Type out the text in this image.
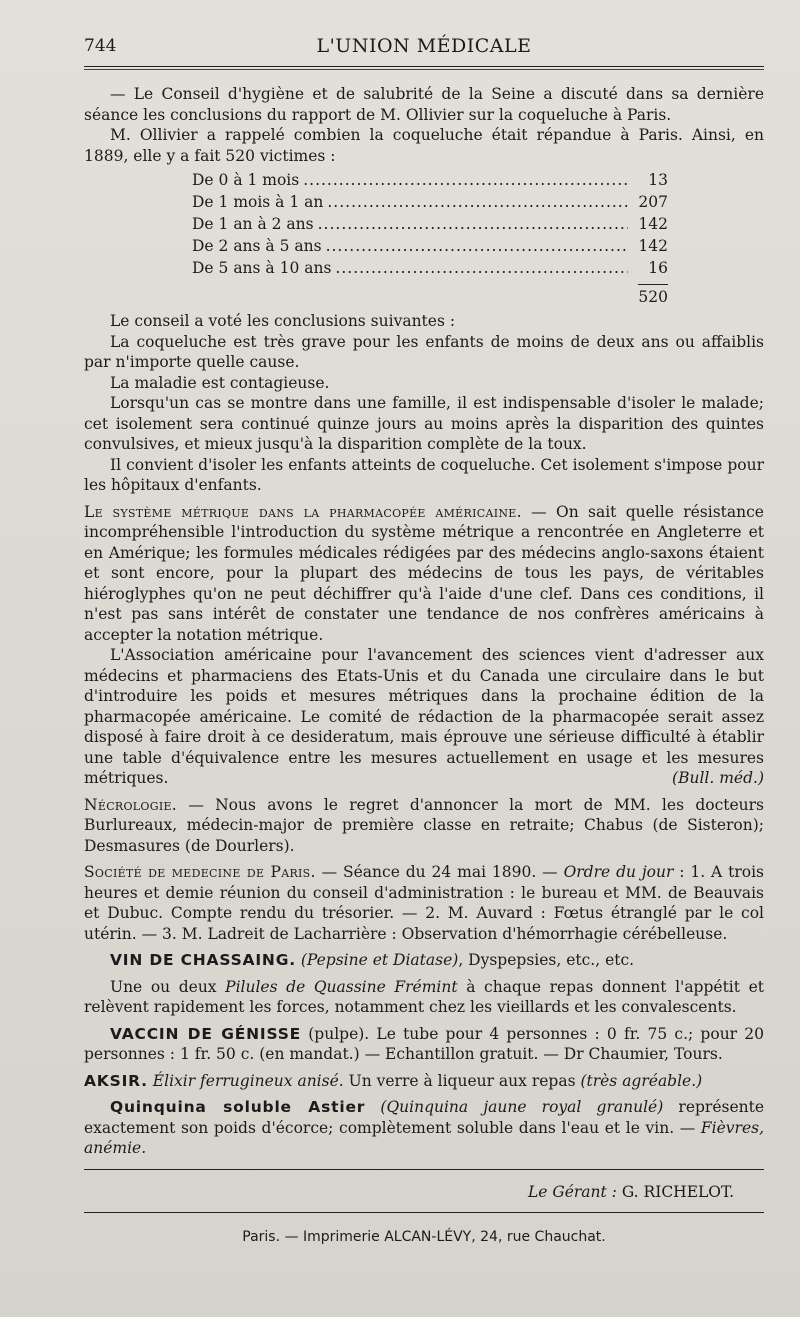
744	L'UNION MÉDICALE

— Le Conseil d'hygiène et de salubrité de la Seine a discuté dans sa dernière séance les conclusions du rapport de M. Ollivier sur la coqueluche à Paris.

M. Ollivier a rappelé combien la coqueluche était répandue à Paris. Ainsi, en 1889, elle y a fait 520 victimes :

De 0 à 1 mois .....	13
De 1 mois à 1 an .....	207
De 1 an à 2 ans .....	142
De 2 ans à 5 ans .....	142
De 5 ans à 10 ans .....	16
520

Le conseil a voté les conclusions suivantes :

La coqueluche est très grave pour les enfants de moins de deux ans ou affaiblis par n'importe quelle cause.

La maladie est contagieuse.

Lorsqu'un cas se montre dans une famille, il est indispensable d'isoler le malade; cet isolement sera continué quinze jours au moins après la disparition des quintes convulsives, et mieux jusqu'à la disparition complète de la toux.

Il convient d'isoler les enfants atteints de coqueluche. Cet isolement s'impose pour les hôpitaux d'enfants.

Le système métrique dans la pharmacopée américaine. — On sait quelle résistance incompréhensible l'introduction du système métrique a rencontrée en Angleterre et en Amérique; les formules médicales rédigées par des médecins anglo-saxons étaient et sont encore, pour la plupart des médecins de tous les pays, de véritables hiéroglyphes qu'on ne peut déchiffrer qu'à l'aide d'une clef. Dans ces conditions, il n'est pas sans intérêt de constater une tendance de nos confrères américains à accepter la notation métrique.

L'Association américaine pour l'avancement des sciences vient d'adresser aux médecins et pharmaciens des Etats-Unis et du Canada une circulaire dans le but d'introduire les poids et mesures métriques dans la prochaine édition de la pharmacopée américaine. Le comité de rédaction de la pharmacopée serait assez disposé à faire droit à ce desideratum, mais éprouve une sérieuse difficulté à établir une table d'équivalence entre les mesures actuellement en usage et les mesures métriques.	(Bull. méd.)

Nécrologie. — Nous avons le regret d'annoncer la mort de MM. les docteurs Burlureaux, médecin-major de première classe en retraite; Chabus (de Sisteron); Desmasures (de Dourlers).

Société de medecine de Paris. — Séance du 24 mai 1890. — Ordre du jour : 1. A trois heures et demie réunion du conseil d'administration : le bureau et MM. de Beauvais et Dubuc. Compte rendu du trésorier. — 2. M. Auvard : Fœtus étranglé par le col utérin. — 3. M. Ladreit de Lacharrière : Observation d'hémorrhagie cérébelleuse.

VIN DE CHASSAING. (Pepsine et Diatase), Dyspepsies, etc., etc.

Une ou deux Pilules de Quassine Frémint à chaque repas donnent l'appétit et relèvent rapidement les forces, notamment chez les vieillards et les convalescents.

VACCIN DE GÉNISSE (pulpe). Le tube pour 4 personnes : 0 fr. 75 c.; pour 20 personnes : 1 fr. 50 c. (en mandat.) — Echantillon gratuit. — Dr Chaumier, Tours.

AKSIR. Élixir ferrugineux anisé. Un verre à liqueur aux repas (très agréable.)

Quinquina soluble Astier (Quinquina jaune royal granulé) représente exactement son poids d'écorce; complètement soluble dans l'eau et le vin. — Fièvres, anémie.

Le Gérant : G. RICHELOT.
Paris. — Imprimerie ALCAN-LÉVY, 24, rue Chauchat.
